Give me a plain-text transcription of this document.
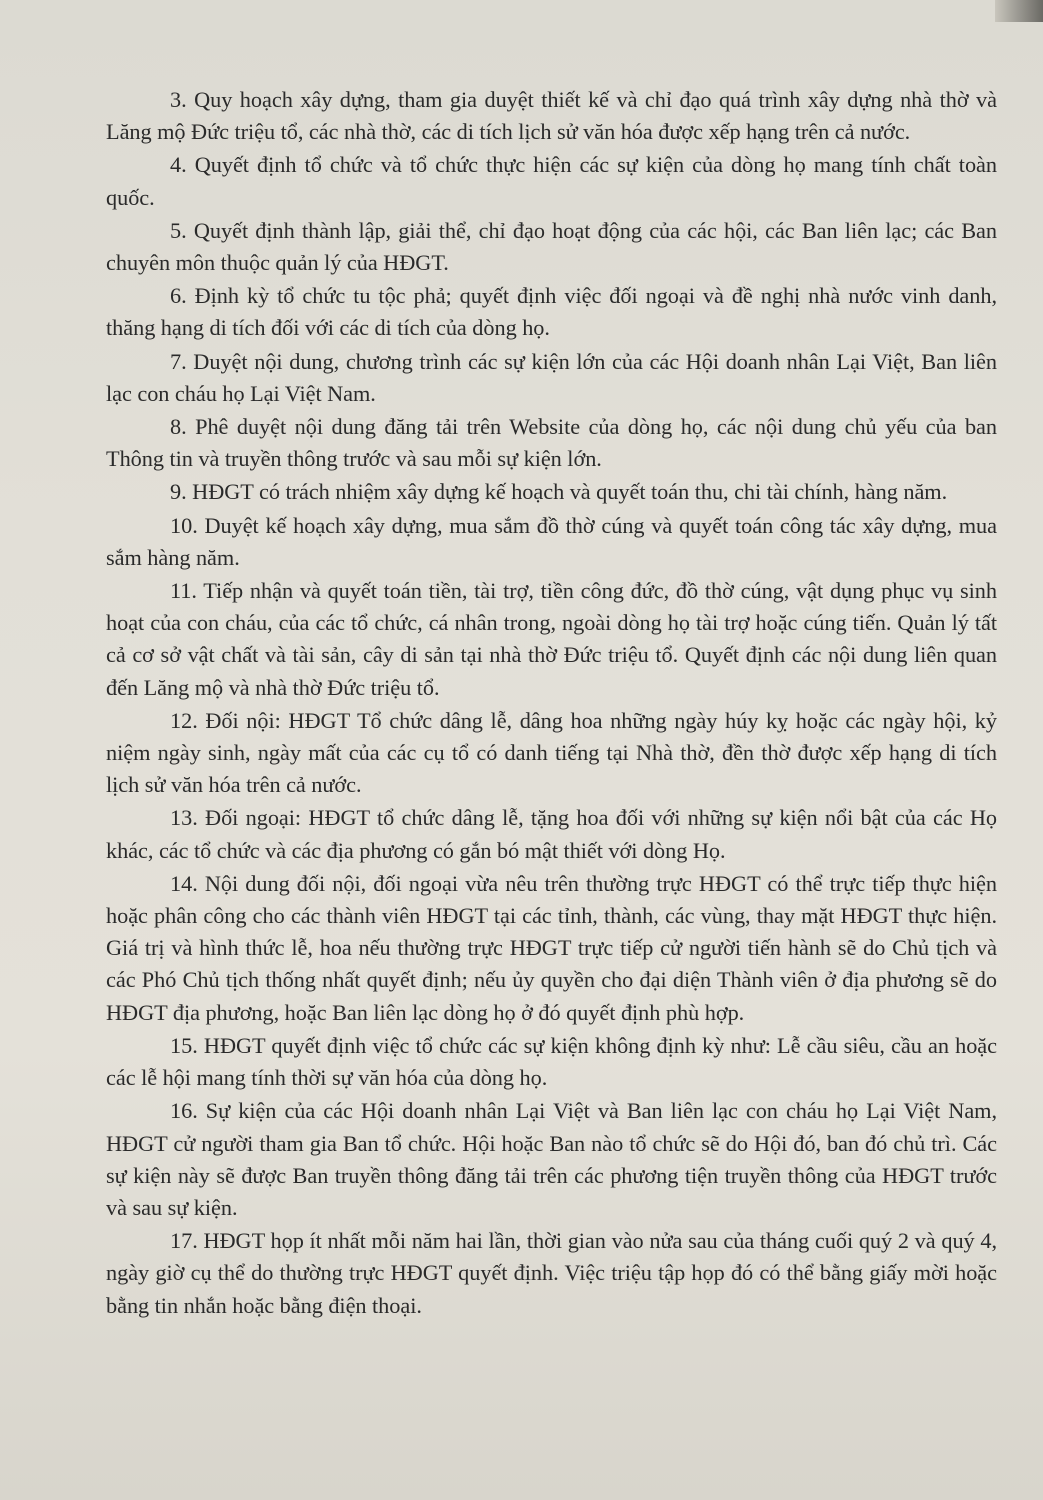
3. Quy hoạch xây dựng, tham gia duyệt thiết kế và chỉ đạo quá trình xây dựng nhà thờ và Lăng mộ Đức triệu tổ, các nhà thờ, các di tích lịch sử văn hóa được xếp hạng trên cả nước.

4. Quyết định tổ chức và tổ chức thực hiện các sự kiện của dòng họ mang tính chất toàn quốc.

5. Quyết định thành lập, giải thể, chỉ đạo hoạt động của các hội, các Ban liên lạc; các Ban chuyên môn thuộc quản lý của HĐGT.

6. Định kỳ tổ chức tu tộc phả; quyết định việc đối ngoại và đề nghị nhà nước vinh danh, thăng hạng di tích đối với các di tích của dòng họ.

7. Duyệt nội dung, chương trình các sự kiện lớn của các Hội doanh nhân Lại Việt, Ban liên lạc con cháu họ Lại Việt Nam.

8. Phê duyệt nội dung đăng tải trên Website của dòng họ, các nội dung chủ yếu của ban Thông tin và truyền thông trước và sau mỗi sự kiện lớn.

9. HĐGT có trách nhiệm xây dựng kế hoạch và quyết toán thu, chi tài chính, hàng năm.

10. Duyệt kế hoạch xây dựng, mua sắm đồ thờ cúng và quyết toán công tác xây dựng, mua sắm hàng năm.

11. Tiếp nhận và quyết toán tiền, tài trợ, tiền công đức, đồ thờ cúng, vật dụng phục vụ sinh hoạt của con cháu, của các tổ chức, cá nhân trong, ngoài dòng họ tài trợ hoặc cúng tiến. Quản lý tất cả cơ sở vật chất và tài sản, cây di sản tại nhà thờ Đức triệu tổ. Quyết định các nội dung liên quan đến Lăng mộ và nhà thờ Đức triệu tổ.

12. Đối nội: HĐGT Tổ chức dâng lễ, dâng hoa những ngày húy kỵ hoặc các ngày hội, kỷ niệm ngày sinh, ngày mất của các cụ tổ có danh tiếng tại Nhà thờ, đền thờ được xếp hạng di tích lịch sử văn hóa trên cả nước.

13. Đối ngoại: HĐGT tổ chức dâng lễ, tặng hoa đối với những sự kiện nổi bật của các Họ khác, các tổ chức và các địa phương có gắn bó mật thiết với dòng Họ.

14. Nội dung đối nội, đối ngoại vừa nêu trên thường trực HĐGT có thể trực tiếp thực hiện hoặc phân công cho các thành viên HĐGT tại các tỉnh, thành, các vùng, thay mặt HĐGT thực hiện. Giá trị và hình thức lễ, hoa nếu thường trực HĐGT trực tiếp cử người tiến hành sẽ do Chủ tịch và các Phó Chủ tịch thống nhất quyết định; nếu ủy quyền cho đại diện Thành viên ở địa phương sẽ do HĐGT địa phương, hoặc Ban liên lạc dòng họ ở đó quyết định phù hợp.

15. HĐGT quyết định việc tổ chức các sự kiện không định kỳ như: Lễ cầu siêu, cầu an hoặc các lễ hội mang tính thời sự văn hóa của dòng họ.

16. Sự kiện của các Hội doanh nhân Lại Việt và Ban liên lạc con cháu họ Lại Việt Nam, HĐGT cử người tham gia Ban tổ chức. Hội hoặc Ban nào tổ chức sẽ do Hội đó, ban đó chủ trì. Các sự kiện này sẽ được Ban truyền thông đăng tải trên các phương tiện truyền thông của HĐGT trước và sau sự kiện.

17. HĐGT họp ít nhất mỗi năm hai lần, thời gian vào nửa sau của tháng cuối quý 2 và quý 4, ngày giờ cụ thể do thường trực HĐGT quyết định. Việc triệu tập họp đó có thể bằng giấy mời hoặc bằng tin nhắn hoặc bằng điện thoại.
